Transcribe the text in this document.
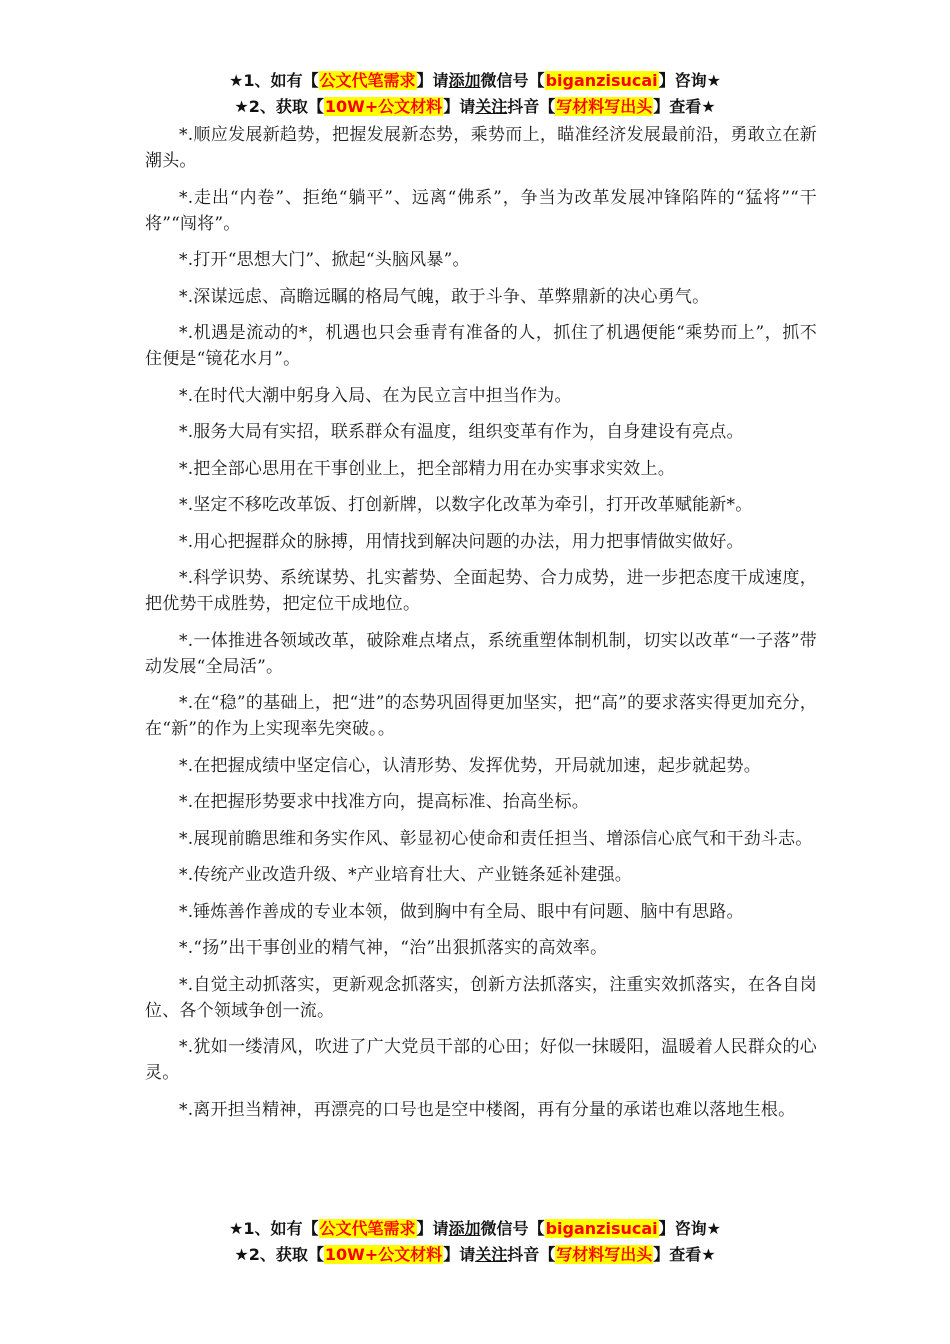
★1、如有【公文代笔需求】请添加微信号【biganzisucai】咨询★
★2、获取【10W+公文材料】请关注抖音【写材料写出头】查看★

*.顺应发展新趋势，把握发展新态势，乘势而上，瞄准经济发展最前沿，勇敢立在新潮头。

*.走出“内卷”、拒绝“躺平”、远离“佛系”，争当为改革发展冲锋陷阵的“猛将”“干将”“闯将”。

*.打开“思想大门”、掀起“头脑风暴”。

*.深谋远虑、高瞻远瞩的格局气魄，敢于斗争、革弊鼎新的决心勇气。

*.机遇是流动的*，机遇也只会垂青有准备的人，抓住了机遇便能“乘势而上”，抓不住便是“镜花水月”。

*.在时代大潮中躬身入局、在为民立言中担当作为。

*.服务大局有实招，联系群众有温度，组织变革有作为，自身建设有亮点。

*.把全部心思用在干事创业上，把全部精力用在办实事求实效上。

*.坚定不移吃改革饭、打创新牌，以数字化改革为牵引，打开改革赋能新*。

*.用心把握群众的脉搏，用情找到解决问题的办法，用力把事情做实做好。

*.科学识势、系统谋势、扎实蓄势、全面起势、合力成势，进一步把态度干成速度，把优势干成胜势，把定位干成地位。

*.一体推进各领域改革，破除难点堵点，系统重塑体制机制，切实以改革“一子落”带动发展“全局活”。

*.在“稳”的基础上，把“进”的态势巩固得更加坚实，把“高”的要求落实得更加充分，在“新”的作为上实现率先突破。。

*.在把握成绩中坚定信心，认清形势、发挥优势，开局就加速，起步就起势。

*.在把握形势要求中找准方向，提高标准、抬高坐标。

*.展现前瞻思维和务实作风、彰显初心使命和责任担当、增添信心底气和干劲斗志。

*.传统产业改造升级、*产业培育壮大、产业链条延补建强。

*.锤炼善作善成的专业本领，做到胸中有全局、眼中有问题、脑中有思路。

*.“扬”出干事创业的精气神，“治”出狠抓落实的高效率。

*.自觉主动抓落实，更新观念抓落实，创新方法抓落实，注重实效抓落实，在各自岗位、各个领域争创一流。

*.犹如一缕清风，吹进了广大党员干部的心田；好似一抹暖阳，温暖着人民群众的心灵。

*.离开担当精神，再漂亮的口号也是空中楼阁，再有分量的承诺也难以落地生根。

★1、如有【公文代笔需求】请添加微信号【biganzisucai】咨询★
★2、获取【10W+公文材料】请关注抖音【写材料写出头】查看★
